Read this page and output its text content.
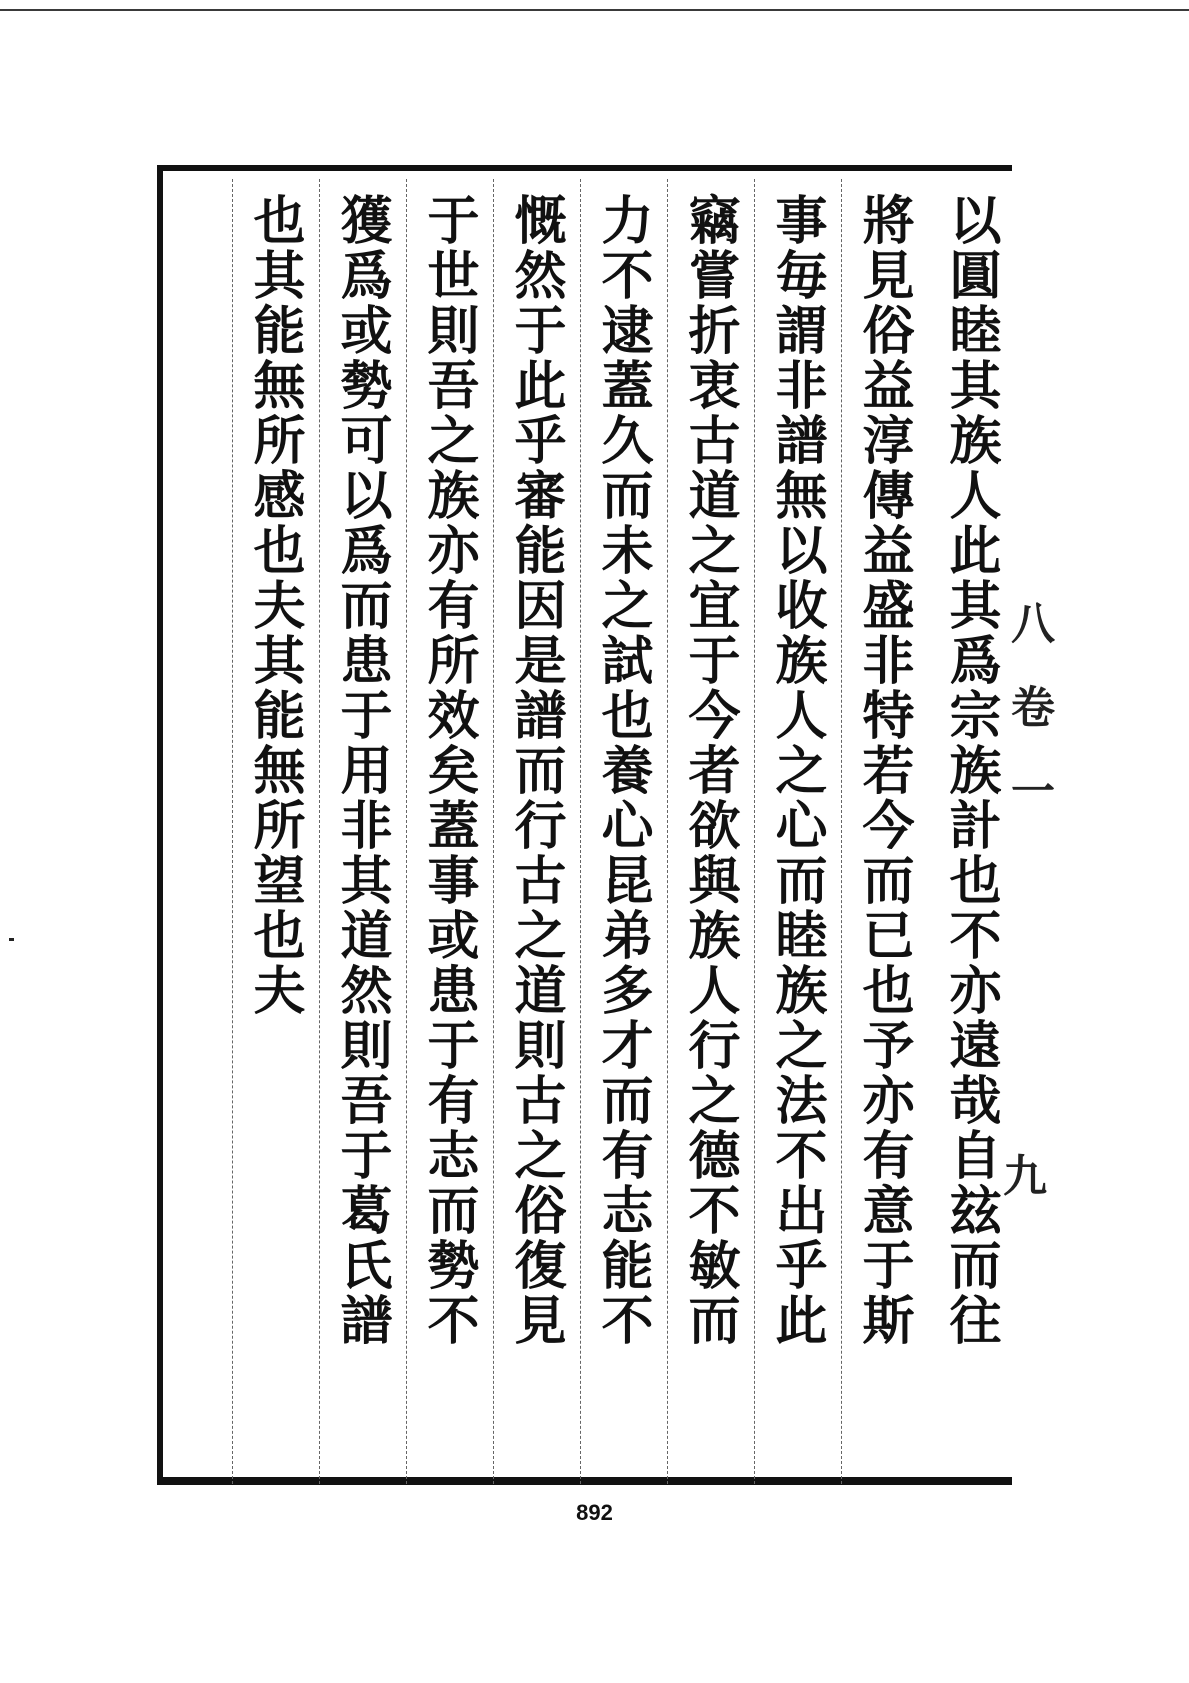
以圓睦其族人此其爲宗族計也不亦遠哉自玆而往
將見俗益淳傳益盛非特若今而已也予亦有意于斯
事毎謂非譜無以收族人之心而睦族之法不出乎此
竊嘗折衷古道之宜于今者欲與族人行之德不敏而
力不逮蓋久而未之試也養心昆弟多才而有志能不
慨然于此乎審能因是譜而行古之道則古之俗復見
于世則吾之族亦有所效矣蓋事或患于有志而勢不
獲爲或勢可以爲而患于用非其道然則吾于葛氏譜
也其能無所感也夫其能無所望也夫	八卷一
九
892
